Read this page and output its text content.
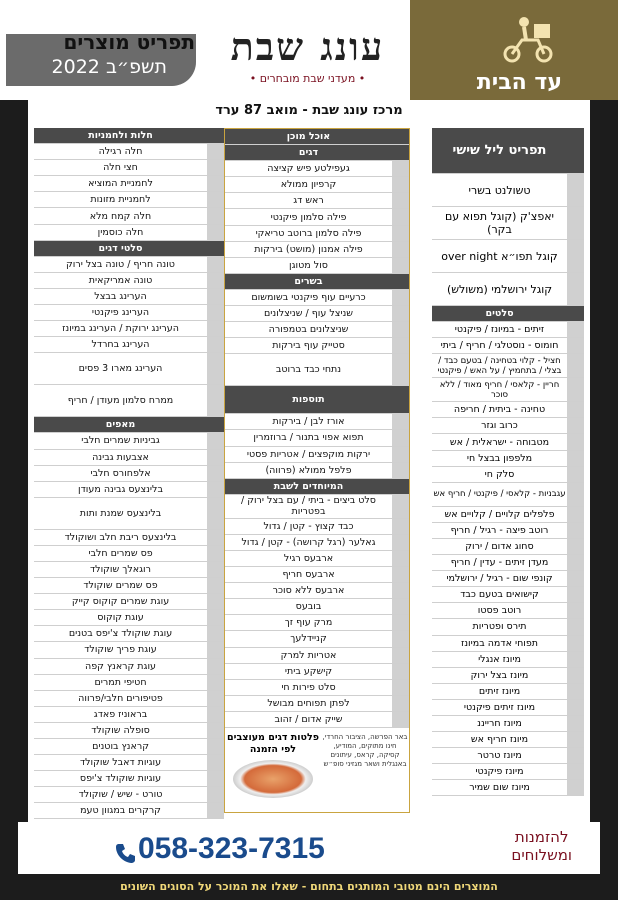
תפריט מוצרים
תשפ״ב 2022	עונג שבת
• מעדני שבת מובחרים •	עד הבית
מרכז עונג שבת - מואב 87 ערד
תפריט ליל שישי
טשולנט בשרי
יאפצ'ק (קוגל תפוא עם בקר)
קוגל תפו״א over night
קוגל ירושלמי (משולש)
סלטים
זיתים - במיונז / פיקנטי
חומוס - נוסטלגי / חריף / ביתי
חציל - קלוי בטחינה / בטעם כבד / בצלי / בתחמיץ / על האש / פיקנטי
חריין - קלאסי / חריף מאוד / ללא סוכר
טחינה - ביתית / חריפה
כרוב וגזר
מטבוחה - ישראלית / אש
מלפפון בבצל חי
סלק חי
עגבניות - קלאסי / פיקנטי / חריף אש
פלפלים קלויים / קלויים אש
רוטב פיצה - רגיל / חריף
סחוג אדום / ירוק
מעדן זיתים - עדין / חריף
קונפי שום - רגיל / ירושלמי
קישואים בטעם כבד
רוטב פסטו
תירס ופטריות
תפוחי אדמה במיונז
מיונז אנגלי
מיונז בצל ירוק
מיונז זיתים
מיונז זיתים פיקנטי
מיונז חרייננ
מיונז חריף אש
מיונז טרטר
מיונז פיקנטי
מיונז שום שמיר
אוכל מוכן
דגים
געפילטע פיש קציצה
קרפיון ממולא
ראש דג
פילה סלמון פיקנטי
פילה סלמון ברוטב טריאקי
פילה אמנון (מושט) בירקות
סול מטוגן
בשרים
כרעיים עוף פיקנטי בשומשום
שניצל עוף / שניצלונים
שניצלונים בטמפורה
סטייק עוף בירקות
נתחי כבד ברוטב
תוספות
אורז לבן / בירקות
תפוא אפוי בתנור / ברוזמרין
ירקות מוקפצים / אטריות פסטי
פלפל ממולא (פרווה)
המיוחדים לשבת
סלט ביצים - ביתי / עם בצל ירוק / בפטריות
כבד קצוץ - קטן / גדול
גאלער (רגל קרושה) - קטן / גדול
ארבעס רגיל
ארבעס חריף
ארבעס ללא סוכר
בובעס
מרק עוף זך
קניידלעך
אטריות למרק
קישקע ביתי
סלט פירות חי
לפתן תפוחים מבושל
שייק אדום / זהוב
באר הפרשה, הציבור החרדי, חינו מתוקים, המודיע, קסיקה, קראס, עיתונים באנגלית ושאר מגזיני סופ״ש
פלטות דגים מעוצבים לפי הזמנה
חלות ולחמניות
חלה רגילה
חצי חלה
לחמניית המוציא
לחמניית מזונות
חלה קמח מלא
חלה כוסמין
סלטי דגים
טונה חריף / טונה בצל ירוק
טונה אמריקאית
הערינג בבצל
הערינג פיקנטי
הערינג ירוקת / הערינג במיונז
הערינג בחרדל
הערינג מארו 3 פסים
ממרח סלמון מעודן / חריף
מאפים
גביניות שמרים חלבי
אצבעות גבינה
אלפחורס חלבי
בלינצעס גבינה מעודן
בלינצעס שמנת ותות
בלינצעס ריבת חלב ושוקולד
פס שמרים חלבי
רוגאלך שוקולד
פס שמרים שוקולד
עוגת שמרים קוקוס קייק
עוגת קוקוס
עוגת שוקולד צ'יפס בטנים
עוגת פריך שוקולד
עוגת קראנץ קפה
חטיפי תמרים
פטיפורים חלבי/פרווה
בראוניז פאדג
סופלה שוקולד
קראנץ בוטנים
עוגיות דאבל שוקולד
עוגיות שוקולד צ'יפס
טורט - שיש / שוקולד
קרקרים במגוון טעמ
058-323-7315	להזמנות
ומשלוחים
המוצרים הינם מטובי המותגים בתחום - שאלו את המוכר על הסוגים השונים
